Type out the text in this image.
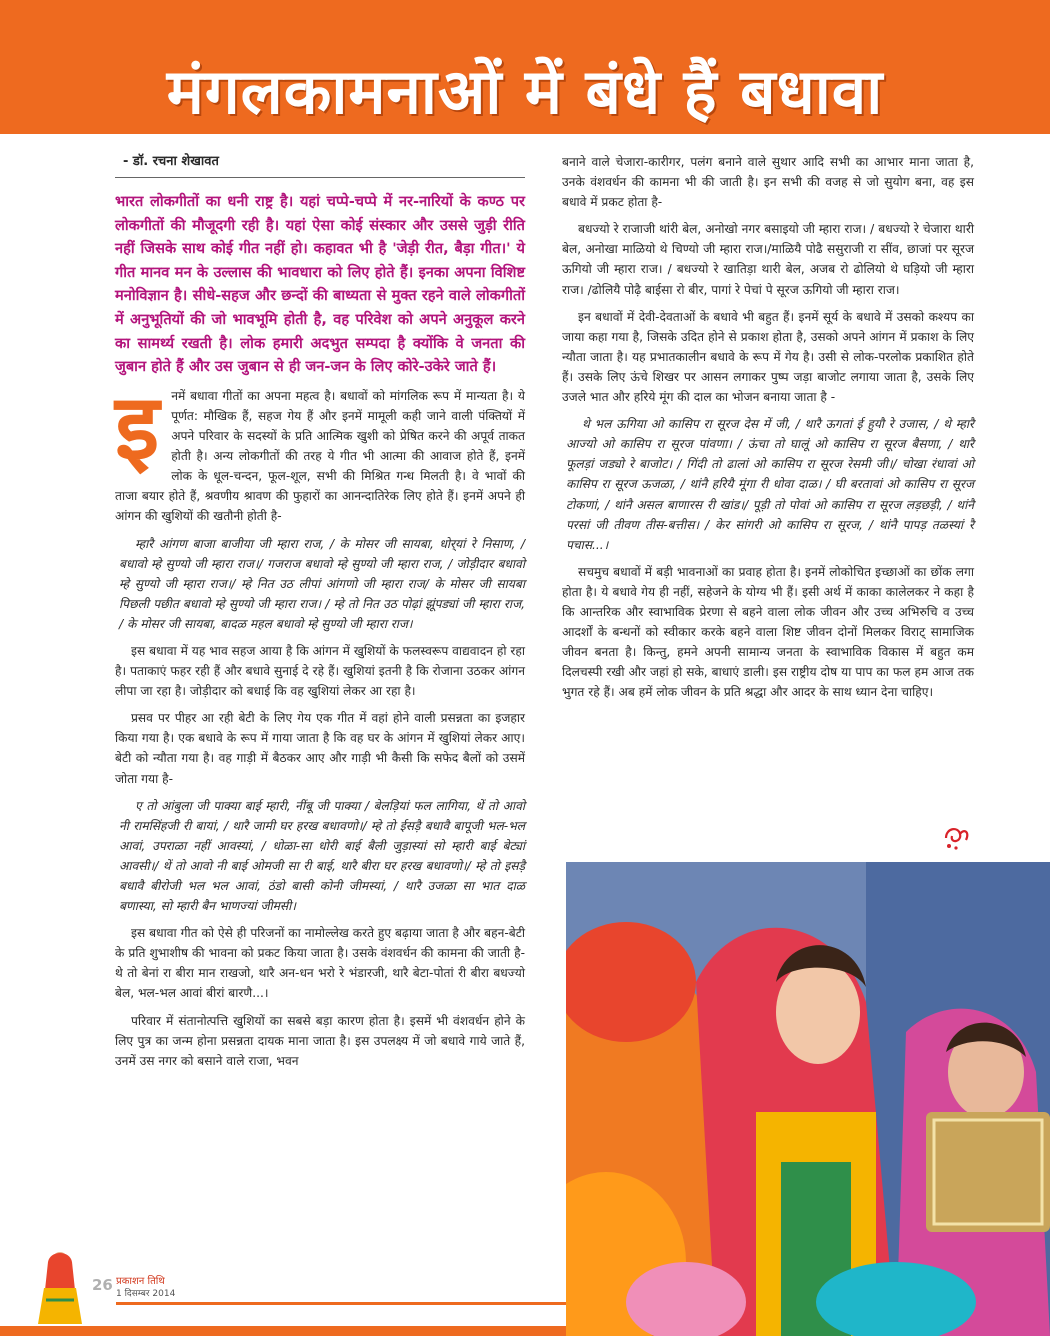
मंगलकामनाओं में बंधे हैं बधावा
- डॉ. रचना शेखावत

भारत लोकगीतों का धनी राष्ट्र है। यहां चप्पे-चप्पे में नर-नारियों के कण्ठ पर लोकगीतों की मौजूदगी रही है। यहां ऐसा कोई संस्कार और उससे जुड़ी रीति नहीं जिसके साथ कोई गीत नहीं हो। कहावत भी है 'जेड़ी रीत, बैड़ा गीत।' ये गीत मानव मन के उल्लास की भावधारा को लिए होते हैं। इनका अपना विशिष्ट मनोविज्ञान है। सीधे-सहज और छन्दों की बाध्यता से मुक्त रहने वाले लोकगीतों में अनुभूतियों की जो भावभूमि होती है, वह परिवेश को अपने अनुकूल करने का सामर्थ्य रखती है। लोक हमारी अदभुत सम्पदा है क्योंकि वे जनता की जुबान होते हैं और उस जुबान से ही जन-जन के लिए कोरे-उकेरे जाते हैं।

इ नमें बधावा गीतों का अपना महत्व है। बधावों को मांगलिक रूप में मान्यता है। ये पूर्णत: मौखिक हैं, सहज गेय हैं और इनमें मामूली कही जाने वाली पंक्तियों में अपने परिवार के सदस्यों के प्रति आत्मिक खुशी को प्रेषित करने की अपूर्व ताकत होती है। अन्य लोकगीतों की तरह ये गीत भी आत्मा की आवाज होते हैं, इनमें लोक के धूल-चन्दन, फूल-शूल, सभी की मिश्रित गन्ध मिलती है। वे भावों की ताजा बयार होते हैं, श्रवणीय श्रावण की फुहारों का आनन्दातिरेक लिए होते हैं। इनमें अपने ही आंगन की खुशियों की खतौनी होती है-

म्हारै आंगण बाजा बाजीया जी म्हारा राज, / के मोसर जी सायबा, धोर्‌यां रे निसाण, / बधावो म्हे सुण्यो जी म्हारा राज।/ गजराज बधावो म्हे सुण्यो जी म्हारा राज, / जोड़ीदार बधावो म्हे सुण्यो जी म्हारा राज।/ म्हे नित उठ लीपां आंगणो जी म्हारा राज/ के मोसर जी सायबा पिछली पछीत बधावो म्हे सुण्यो जी म्हारा राज। / म्हे तो नित उठ पोढ़ां झूंपड्यां जी म्हारा राज, / के मोसर जी सायबा, बादळ महल बधावो म्हे सुण्यो जी म्हारा राज।

इस बधावा में यह भाव सहज आया है कि आंगन में खुशियों के फलस्वरूप वाद्यवादन हो रहा है। पताकाएं फहर रही हैं और बधावे सुनाई दे रहे हैं। खुशियां इतनी है कि रोजाना उठकर आंगन लीपा जा रहा है। जोड़ीदार को बधाई कि वह खुशियां लेकर आ रहा है।

प्रसव पर पीहर आ रही बेटी के लिए गेय एक गीत में वहां होने वाली प्रसन्नता का इजहार किया गया है। एक बधावे के रूप में गाया जाता है कि वह घर के आंगन में खुशियां लेकर आए। बेटी को न्यौता गया है। वह गाड़ी में बैठकर आए और गाड़ी भी कैसी कि सफेद बैलों को उसमें जोता गया है-

ए तो आंबुला जी पाक्या बाई म्हारी, नींबू जी पाक्या / बेलड़ियां फल लागिया, थें तो आवो नी रामसिंहजी री बायां, / थारै जामी घर हरख बधावणो।/ म्हे तो ईसड़ै बधावै बापूजी भल-भल आवां, उपराळा नहीं आवस्यां, / धोळा-सा धोरी बाई बैली जुड़ास्यां सो म्हारी बाई बेट्यां आवसी।/ थें तो आवो नी बाई ओमजी सा री बाई, थारै बीरा घर हरख बधावणो।/ म्हे तो इसड़ै बधावै बीरोजी भल भल आवां, ठंडो बासी कोनी जीमस्यां, / थारै उजळा सा भात दाळ बणास्या, सो म्हारी बैन भाणज्यां जीमसी।

इस बधावा गीत को ऐसे ही परिजनों का नामोल्लेख करते हुए बढ़ाया जाता है और बहन-बेटी के प्रति शुभाशीष की भावना को प्रकट किया जाता है। उसके वंशवर्धन की कामना की जाती है- थे तो बेनां रा बीरा मान राखजो, थारै अन-धन भरो रे भंडारजी, थारै बेटा-पोतां री बीरा बधज्यो बेल, भल-भल आवां बीरां बारणै...।

परिवार में संतानोत्पत्ति खुशियों का सबसे बड़ा कारण होता है। इसमें भी वंशवर्धन होने के लिए पुत्र का जन्म होना प्रसन्नता दायक माना जाता है। इस उपलक्ष्य में जो बधावे गाये जाते हैं, उनमें उस नगर को बसाने वाले राजा, भवन

बनाने वाले चेजारा-कारीगर, पलंग बनाने वाले सुथार आदि सभी का आभार माना जाता है, उनके वंशवर्धन की कामना भी की जाती है। इन सभी की वजह से जो सुयोग बना, वह इस बधावे में प्रकट होता है-

बधज्यो रे राजाजी थांरी बेल, अनोखो नगर बसाइयो जी म्हारा राज। / बधज्यो रे चेजारा थारी बेल, अनोखा माळियो थे चिण्यो जी म्हारा राज।/माळियै पोढै ससुराजी रा सींव, छाजां पर सूरज ऊगियो जी म्हारा राज। / बधज्यो रे खातिड़ा थारी बेल, अजब रो ढोलियो थे घड़ियो जी म्हारा राज। /ढोलियै पोढ़ै बाईसा रो बीर, पागां रे पेचां पे सूरज ऊगियो जी म्हारा राज।

इन बधावों में देवी-देवताओं के बधावे भी बहुत हैं। इनमें सूर्य के बधावे में उसको कश्यप का जाया कहा गया है, जिसके उदित होने से प्रकाश होता है, उसको अपने आंगन में प्रकाश के लिए न्यौता जाता है। यह प्रभातकालीन बधावे के रूप में गेय है। उसी से लोक-परलोक प्रकाशित होते हैं। उसके लिए ऊंचे शिखर पर आसन लगाकर पुष्प जड़ा बाजोट लगाया जाता है, उसके लिए उजले भात और हरिये मूंग की दाल का भोजन बनाया जाता है -

थे भल ऊगिया ओ कासिप रा सूरज देस में जी, / थारै ऊगतां ई हुयौ रे उजास, / थे म्हारै आज्यो ओ कासिप रा सूरज पांवणा। / ऊंचा तो घालूं ओ कासिप रा सूरज बैसणा, / थारै फूलड़ां जड्यो रे बाजोट। / गिंदी तो ढालां ओ कासिप रा सूरज रेसमी जी।/ चोखा रंधावां ओ कासिप रा सूरज ऊजळा, / थांनै हरियै मूंगा री धोवा दाळ। / घी बरतावां ओ कासिप रा सूरज टोकणां, / थांनै असल बाणारस री खांड।/ पूड़ी तो पोवां ओ कासिप रा सूरज लड़छड़ी, / थांनै परसां जी तीवण तीस-बत्तीस। / केर सांगरी ओ कासिप रा सूरज, / थांनै पापड़ तळस्यां रै पचास...।

सचमुच बधावों में बड़ी भावनाओं का प्रवाह होता है। इनमें लोकोचित इच्छाओं का छोंक लगा होता है। ये बधावे गेय ही नहीं, सहेजने के योग्य भी हैं। इसी अर्थ में काका कालेलकर ने कहा है कि आन्तरिक और स्वाभाविक प्रेरणा से बहने वाला लोक जीवन और उच्च अभिरुचि व उच्च आदर्शों के बन्धनों को स्वीकार करके बहने वाला शिष्ट जीवन दोनों मिलकर विराट् सामाजिक जीवन बनता है। किन्तु, हमने अपनी सामान्य जनता के स्वाभाविक विकास में बहुत कम दिलचस्पी रखी और जहां हो सके, बाधाएं डाली। इस राष्ट्रीय दोष या पाप का फल हम आज तक भुगत रहे हैं। अब हमें लोक जीवन के प्रति श्रद्धा और आदर के साथ ध्यान देना चाहिए।

26 प्रकाशन तिथि
1 दिसम्बर 2014
